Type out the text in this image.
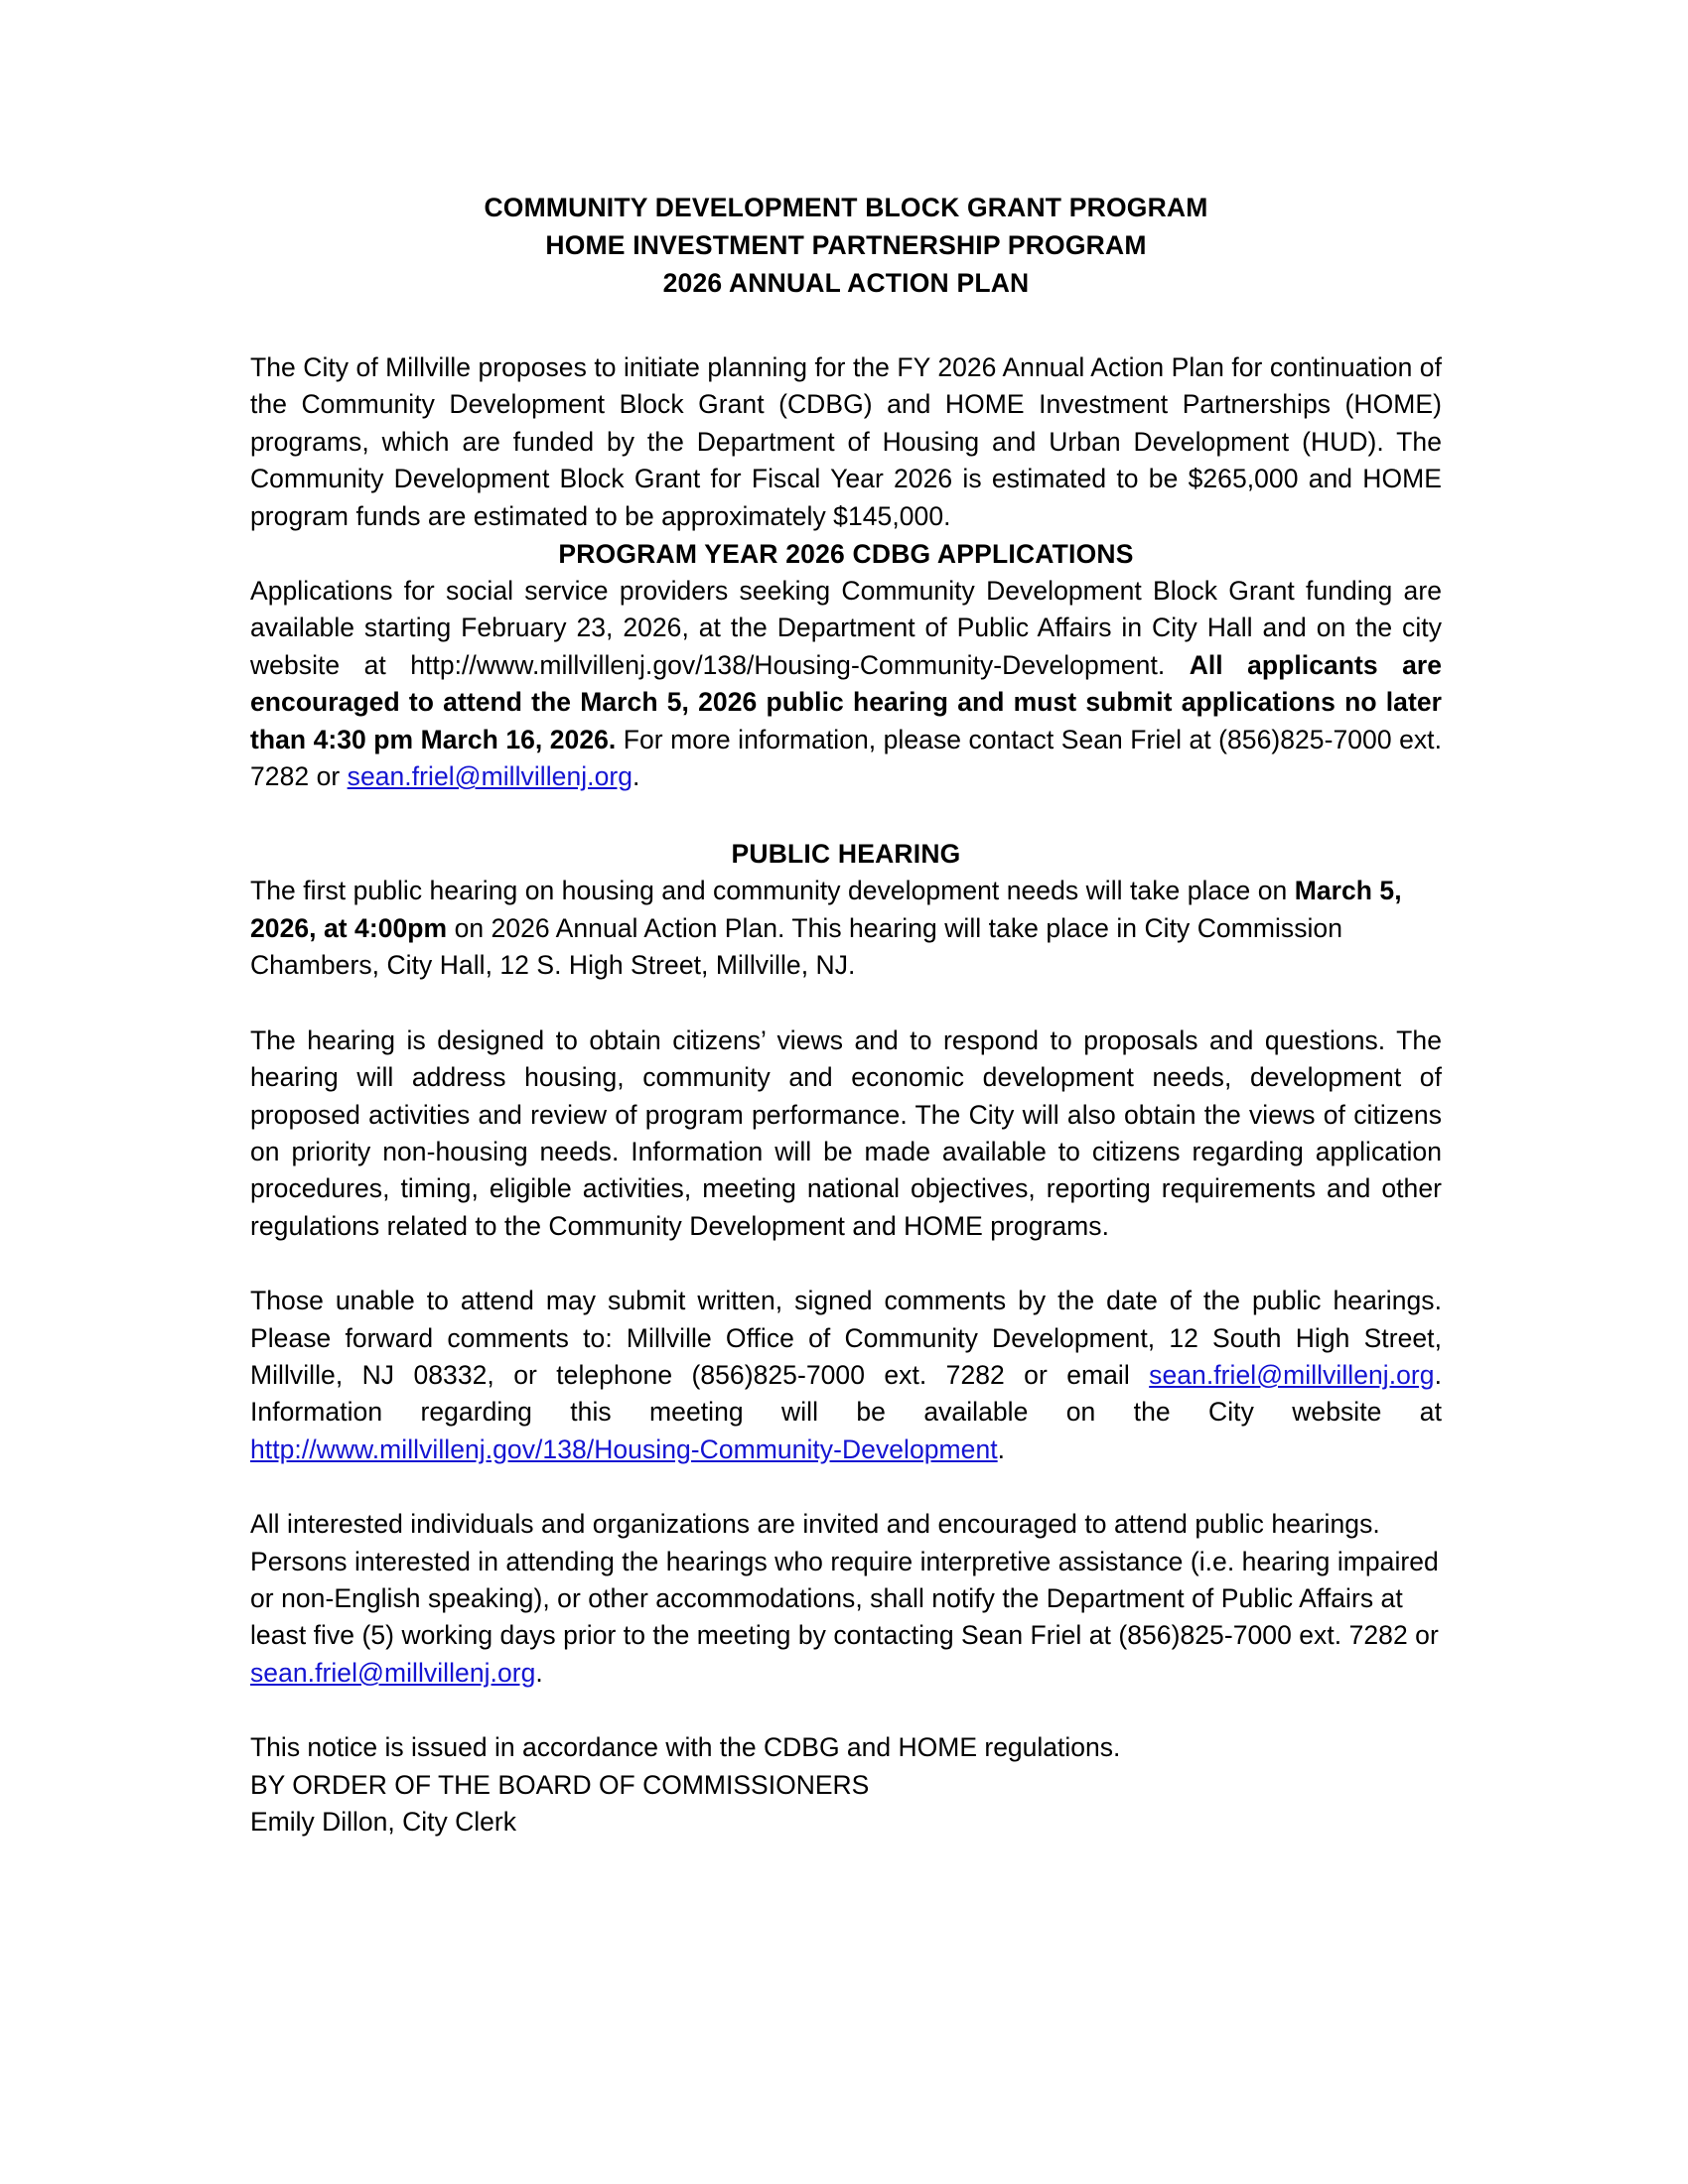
COMMUNITY DEVELOPMENT BLOCK GRANT PROGRAM
HOME INVESTMENT PARTNERSHIP PROGRAM
2026 ANNUAL ACTION PLAN

The City of Millville proposes to initiate planning for the FY 2026 Annual Action Plan for continuation of the Community Development Block Grant (CDBG) and HOME Investment Partnerships (HOME) programs, which are funded by the Department of Housing and Urban Development (HUD). The Community Development Block Grant for Fiscal Year 2026 is estimated to be $265,000 and HOME program funds are estimated to be approximately $145,000.

PROGRAM YEAR 2026 CDBG APPLICATIONS

Applications for social service providers seeking Community Development Block Grant funding are available starting February 23, 2026, at the Department of Public Affairs in City Hall and on the city website at http://www.millvillenj.gov/138/Housing-Community-Development. All applicants are encouraged to attend the March 5, 2026 public hearing and must submit applications no later than 4:30 pm March 16, 2026. For more information, please contact Sean Friel at (856)825-7000 ext. 7282 or sean.friel@millvillenj.org.

PUBLIC HEARING

The first public hearing on housing and community development needs will take place on March 5, 2026, at 4:00pm on 2026 Annual Action Plan. This hearing will take place in City Commission Chambers, City Hall, 12 S. High Street, Millville, NJ.

The hearing is designed to obtain citizens’ views and to respond to proposals and questions. The hearing will address housing, community and economic development needs, development of proposed activities and review of program performance. The City will also obtain the views of citizens on priority non-housing needs. Information will be made available to citizens regarding application procedures, timing, eligible activities, meeting national objectives, reporting requirements and other regulations related to the Community Development and HOME programs.

Those unable to attend may submit written, signed comments by the date of the public hearings. Please forward comments to: Millville Office of Community Development, 12 South High Street, Millville, NJ 08332, or telephone (856)825-7000 ext. 7282 or email sean.friel@millvillenj.org. Information regarding this meeting will be available on the City website at http://www.millvillenj.gov/138/Housing-Community-Development.

All interested individuals and organizations are invited and encouraged to attend public hearings. Persons interested in attending the hearings who require interpretive assistance (i.e. hearing impaired or non-English speaking), or other accommodations, shall notify the Department of Public Affairs at least five (5) working days prior to the meeting by contacting Sean Friel at (856)825-7000 ext. 7282 or sean.friel@millvillenj.org.

This notice is issued in accordance with the CDBG and HOME regulations.

BY ORDER OF THE BOARD OF COMMISSIONERS

Emily Dillon, City Clerk
